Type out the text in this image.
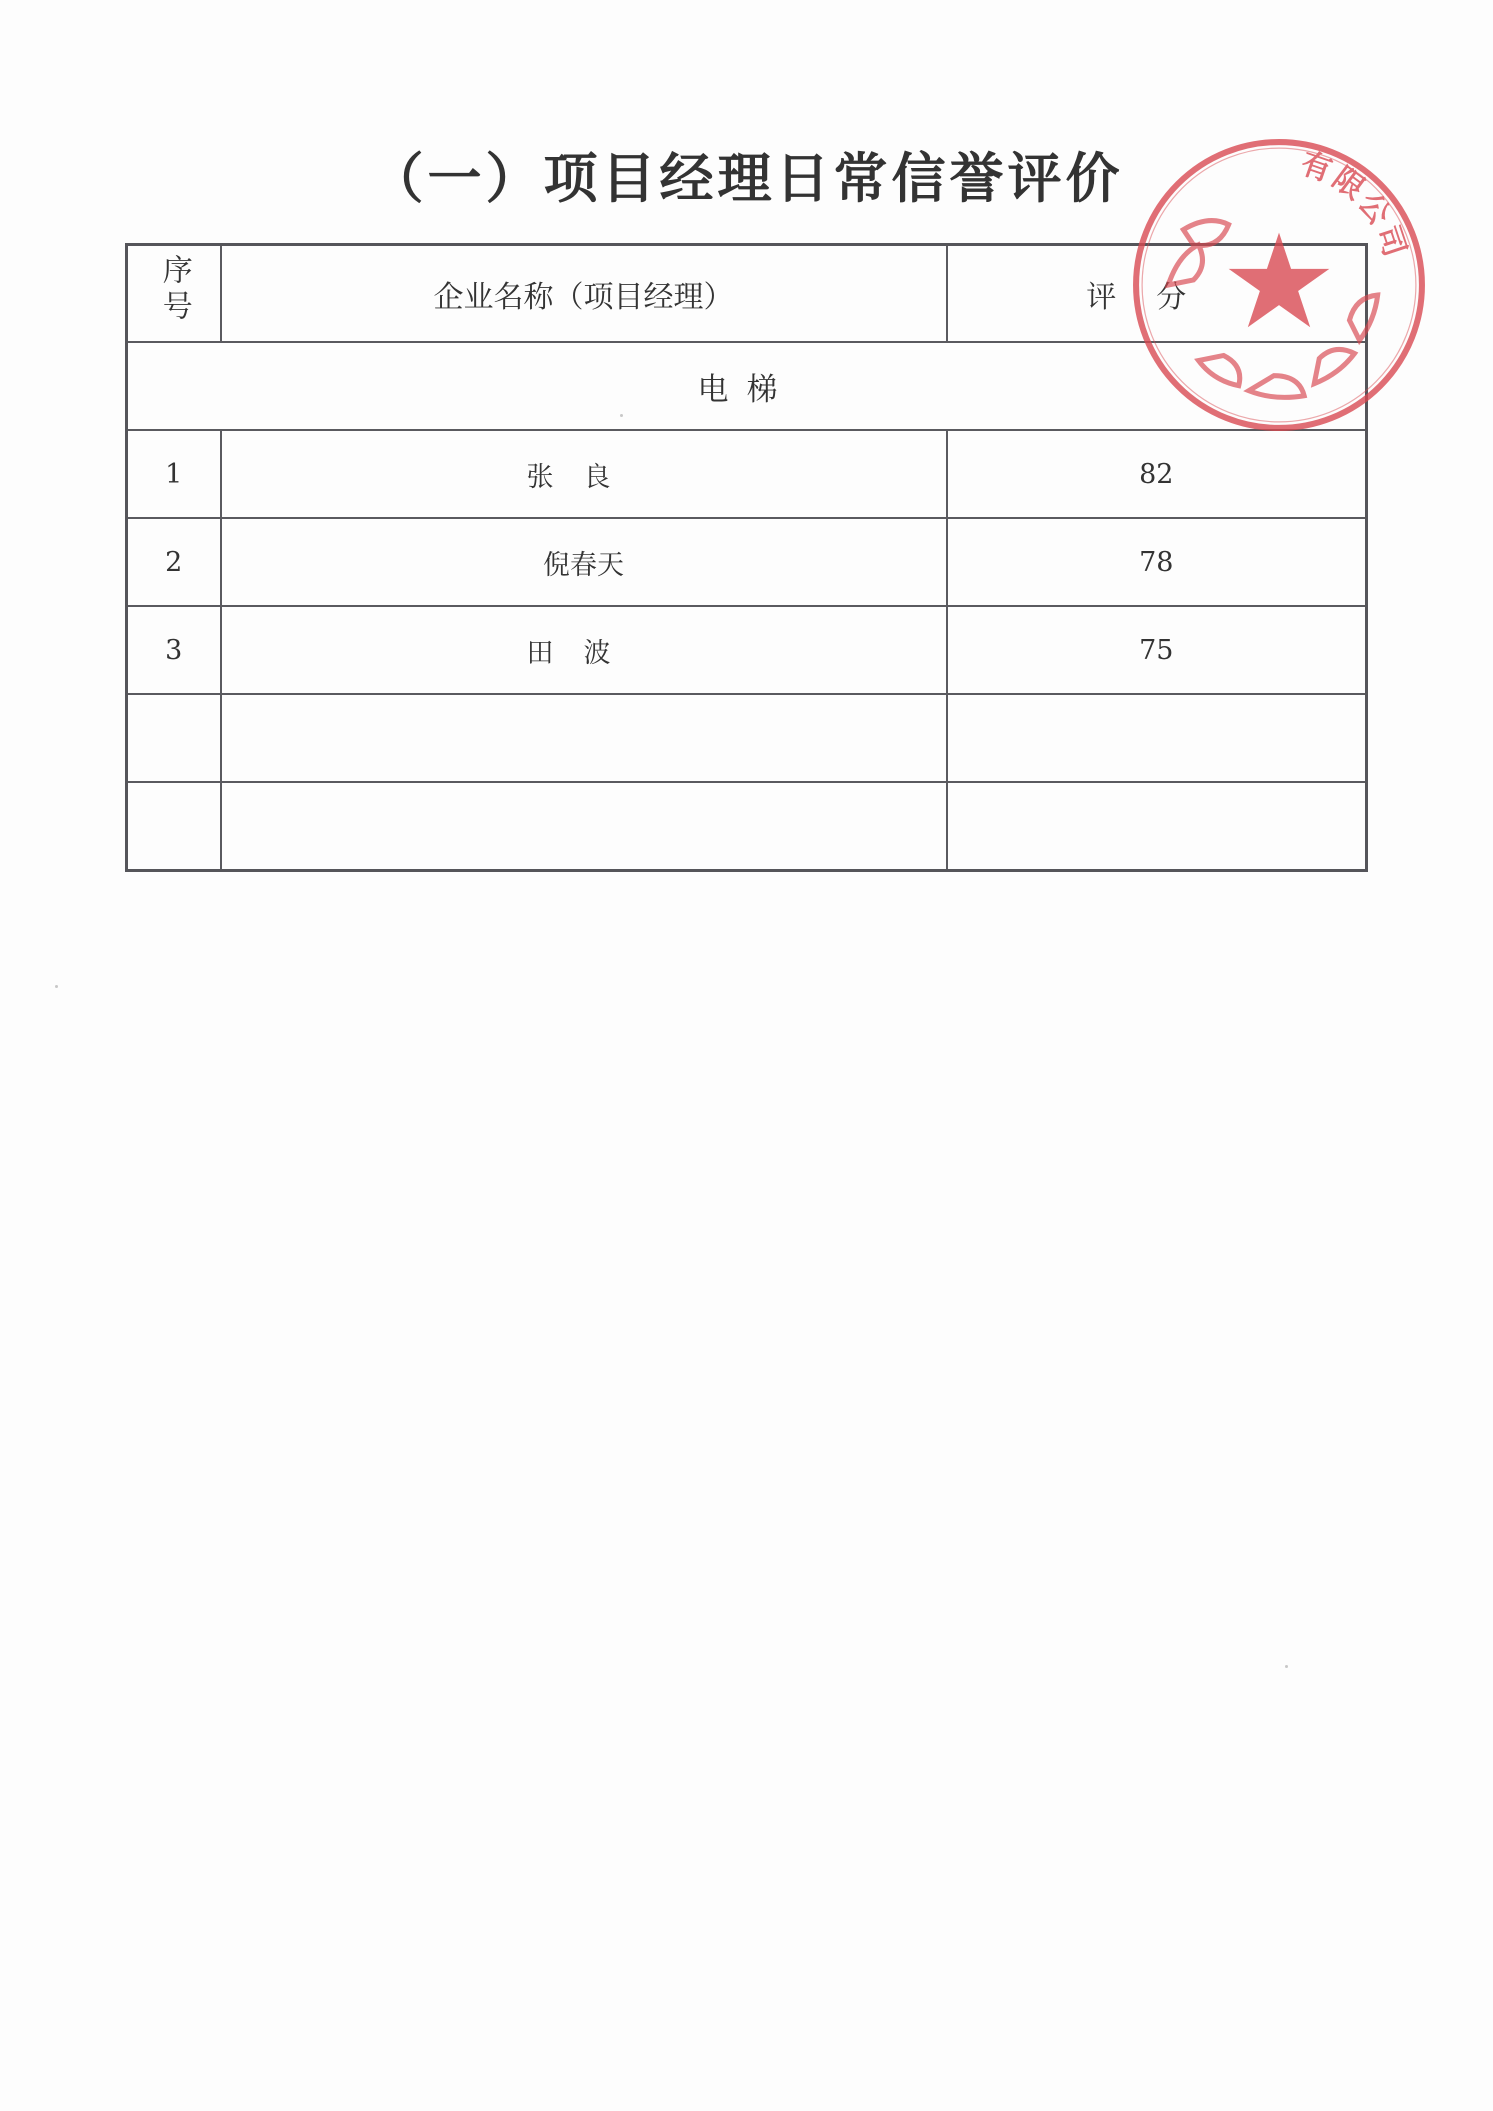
（一）项目经理日常信誉评价
序号	企业名称（项目经理）	评分
电梯		
1	张良	82
2	倪春天	78
3	田波	75

有限公司
